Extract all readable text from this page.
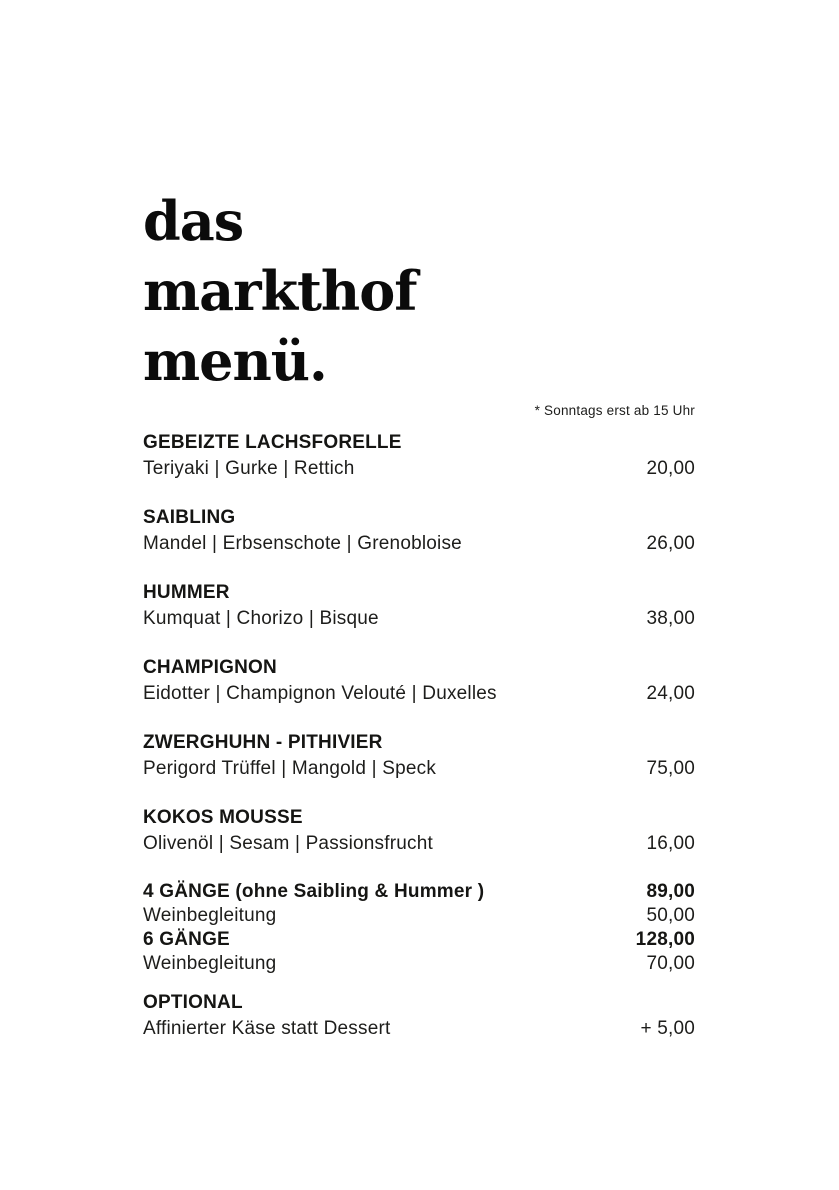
das
markthof
menü.
* Sonntags erst ab 15 Uhr
GEBEIZTE LACHSFORELLE
Teriyaki | Gurke | Rettich	20,00
SAIBLING
Mandel | Erbsenschote | Grenobloise	26,00
HUMMER
Kumquat | Chorizo | Bisque	38,00
CHAMPIGNON
Eidotter | Champignon Velouté | Duxelles	24,00
ZWERGHUHN - PITHIVIER
Perigord Trüffel | Mangold | Speck	75,00
KOKOS MOUSSE
Olivenöl | Sesam | Passionsfrucht	16,00
4 GÄNGE (ohne Saibling & Hummer )	89,00
Weinbegleitung	50,00
6 GÄNGE	128,00
Weinbegleitung	70,00
OPTIONAL
Affinierter Käse statt Dessert	+ 5,00
